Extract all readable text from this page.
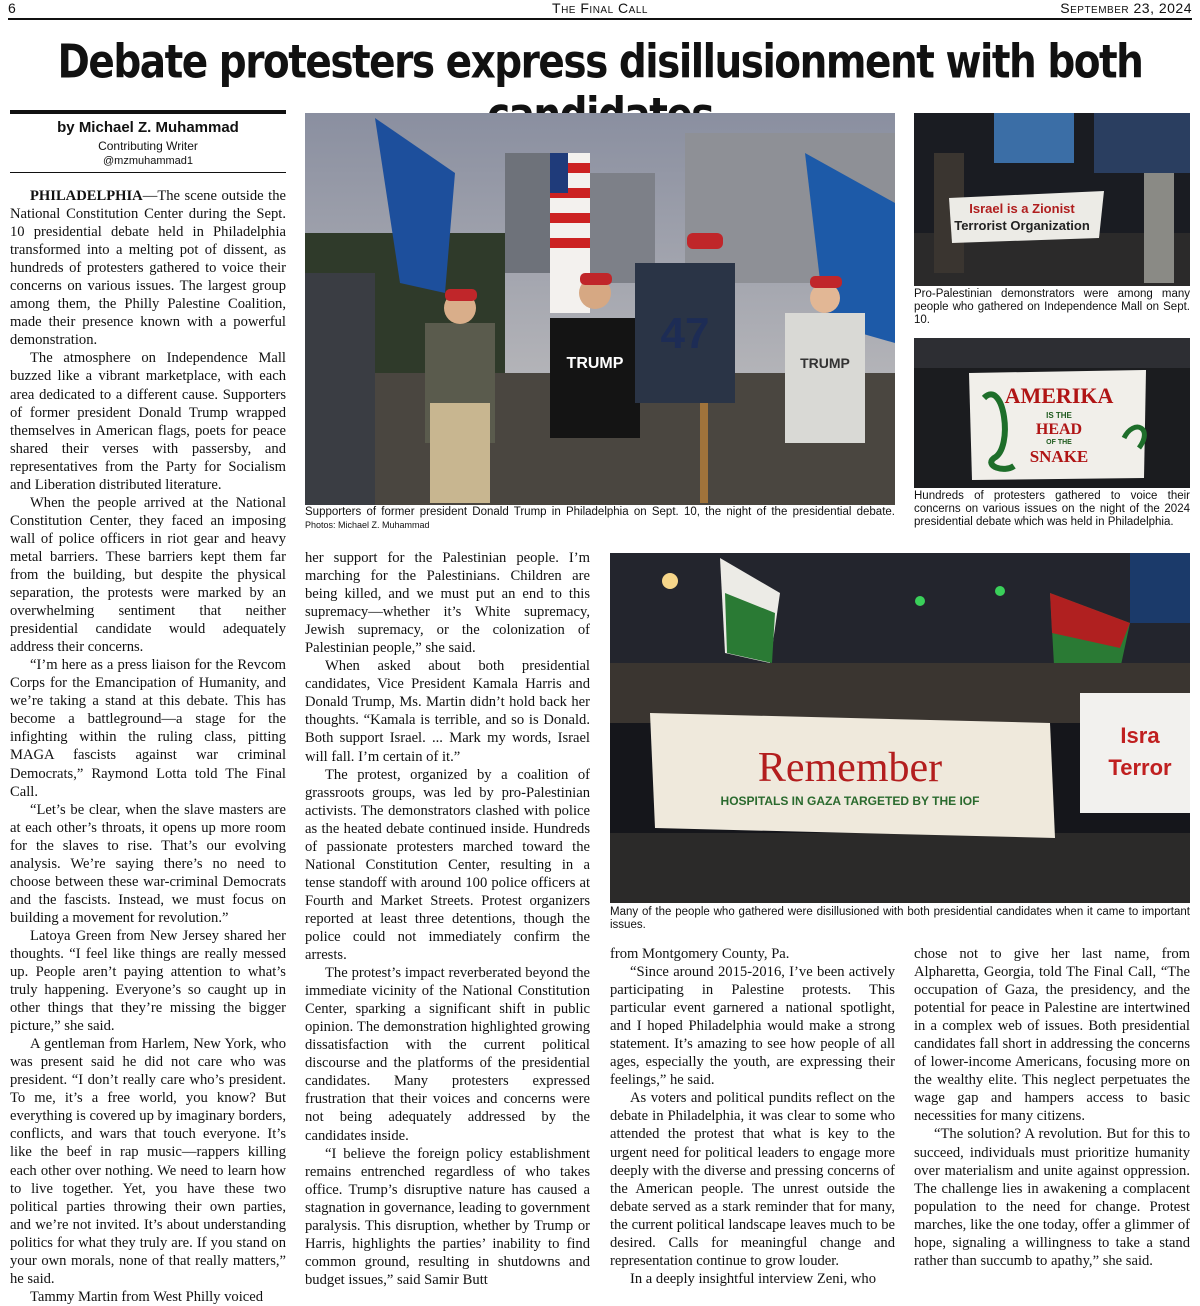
6	The Final Call	September 23, 2024
Debate protesters express disillusionment with both
by Michael Z. Muhammad
Contributing Writer
@mzmuhammad1

PHILADELPHIA—The scene outside the National Constitution Center during the Sept. 10 presidential debate held in Philadelphia transformed into a melting pot of dissent, as hundreds of protesters gathered to voice their concerns on various issues. The largest group among them, the Philly Palestine Coalition, made their presence known with a powerful demonstration.

The atmosphere on Independence Mall buzzed like a vibrant marketplace, with each area dedicated to a different cause. Supporters of former president Donald Trump wrapped themselves in American flags, poets for peace shared their verses with passersby, and representatives from the Party for Socialism and Liberation distributed literature.

When the people arrived at the National Constitution Center, they faced an imposing wall of police officers in riot gear and heavy metal barriers. These barriers kept them far from the building, but despite the physical separation, the protests were marked by an overwhelming sentiment that neither presidential candidate would adequately address their concerns.

“I’m here as a press liaison for the Revcom Corps for the Emancipation of Humanity, and we’re taking a stand at this debate. This has become a battleground—a stage for the infighting within the ruling class, pitting MAGA fascists against war criminal Democrats,” Raymond Lotta told The Final Call.

“Let’s be clear, when the slave masters are at each other’s throats, it opens up more room for the slaves to rise. That’s our evolving analysis. We’re saying there’s no need to choose between these war-criminal Democrats and the fascists. Instead, we must focus on building a movement for revolution.”

Latoya Green from New Jersey shared her thoughts. “I feel like things are really messed up. People aren’t paying attention to what’s truly happening. Everyone’s so caught up in other things that they’re missing the bigger picture,” she said.

A gentleman from Harlem, New York, who was present said he did not care who was president. “I don’t really care who’s president. To me, it’s a free world, you know? But everything is covered up by imaginary borders, conflicts, and wars that touch everyone. It’s like the beef in rap music—rappers killing each other over nothing. We need to learn how to live together. Yet, you have these two political parties throwing their own parties, and we’re not invited. It’s about understanding politics for what they truly are. If you stand on your own morals, none of that really matters,” he said.

Tammy Martin from West Philly voiced

TRUMP
47
TRUMP
Supporters of former president Donald Trump in Philadelphia on Sept. 10, the night of the presidential debate. Photos: Michael Z. Muhammad
Israel is a Zionist
Terrorist Organization
Pro-Palestinian demonstrators were among many people who gathered on Independence Mall on Sept. 10.
AMERIKA
IS THE
HEAD
OF THE
SNAKE
Hundreds of protesters gathered to voice their concerns on various issues on the night of the 2024 presidential debate which was held in Philadelphia.
Remember
HOSPITALS IN GAZA TARGETED BY THE IOF
Isra
Terror
Many of the people who gathered were disillusioned with both presidential candidates when it came to important issues.

her support for the Palestinian people. I’m marching for the Palestinians. Children are being killed, and we must put an end to this supremacy—whether it’s White supremacy, Jewish supremacy, or the colonization of Palestinian people,” she said.

When asked about both presidential candidates, Vice President Kamala Harris and Donald Trump, Ms. Martin didn’t hold back her thoughts. “Kamala is terrible, and so is Donald. Both support Israel. ... Mark my words, Israel will fall. I’m certain of it.”

The protest, organized by a coalition of grassroots groups, was led by pro-Palestinian activists. The demonstrators clashed with police as the heated debate continued inside. Hundreds of passionate protesters marched toward the National Constitution Center, resulting in a tense standoff with around 100 police officers at Fourth and Market Streets. Protest organizers reported at least three detentions, though the police could not immediately confirm the arrests.

The protest’s impact reverberated beyond the immediate vicinity of the National Constitution Center, sparking a significant shift in public opinion. The demonstration highlighted growing dissatisfaction with the current political discourse and the platforms of the presidential candidates. Many protesters expressed frustration that their voices and concerns were not being adequately addressed by the candidates inside.

“I believe the foreign policy establishment remains entrenched regardless of who takes office. Trump’s disruptive nature has caused a stagnation in governance, leading to government paralysis. This disruption, whether by Trump or Harris, highlights the parties’ inability to find common ground, resulting in shutdowns and budget issues,” said Samir Butt

from Montgomery County, Pa.

“Since around 2015-2016, I’ve been actively participating in Palestine protests. This particular event garnered a national spotlight, and I hoped Philadelphia would make a strong statement. It’s amazing to see how people of all ages, especially the youth, are expressing their feelings,” he said.

As voters and political pundits reflect on the debate in Philadelphia, it was clear to some who attended the protest that what is key to the urgent need for political leaders to engage more deeply with the diverse and pressing concerns of the American people. The unrest outside the debate served as a stark reminder that for many, the current political landscape leaves much to be desired. Calls for meaningful change and representation continue to grow louder.

In a deeply insightful interview Zeni, who

chose not to give her last name, from Alpharetta, Georgia, told The Final Call, “The occupation of Gaza, the presidency, and the potential for peace in Palestine are intertwined in a complex web of issues. Both presidential candidates fall short in addressing the concerns of lower-income Americans, focusing more on the wealthy elite. This neglect perpetuates the wage gap and hampers access to basic necessities for many citizens.

“The solution? A revolution. But for this to succeed, individuals must prioritize humanity over materialism and unite against oppression. The challenge lies in awakening a complacent population to the need for change. Protest marches, like the one today, offer a glimmer of hope, signaling a willingness to take a stand rather than succumb to apathy,” she said.
